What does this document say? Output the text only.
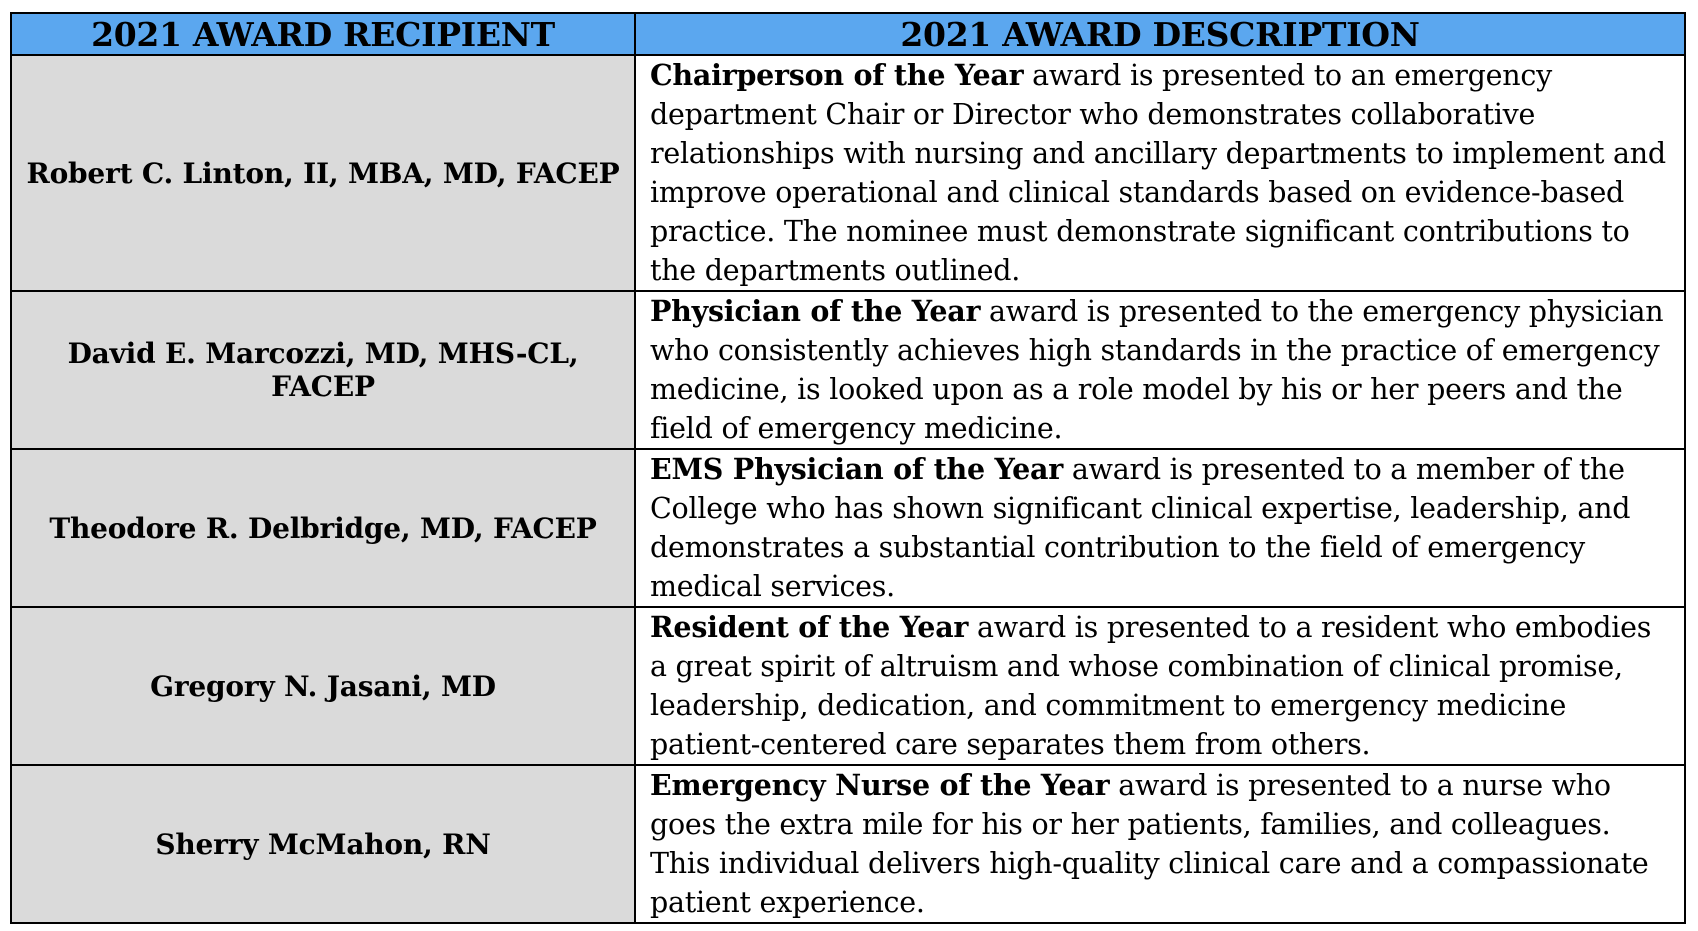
2021 AWARD RECIPIENT	2021 AWARD DESCRIPTION
Robert C. Linton, II, MBA, MD, FACEP	Chairperson of the Year award is presented to an emergency department Chair or Director who demonstrates collaborative relationships with nursing and ancillary departments to implement and improve operational and clinical standards based on evidence-based practice. The nominee must demonstrate significant contributions to the departments outlined.
David E. Marcozzi, MD, MHS-CL, FACEP	Physician of the Year award is presented to the emergency physician who consistently achieves high standards in the practice of emergency medicine, is looked upon as a role model by his or her peers and the field of emergency medicine.
Theodore R. Delbridge, MD, FACEP	EMS Physician of the Year award is presented to a member of the College who has shown significant clinical expertise, leadership, and demonstrates a substantial contribution to the field of emergency medical services.
Gregory N. Jasani, MD	Resident of the Year award is presented to a resident who embodies a great spirit of altruism and whose combination of clinical promise, leadership, dedication, and commitment to emergency medicine patient-centered care separates them from others.
Sherry McMahon, RN	Emergency Nurse of the Year award is presented to a nurse who goes the extra mile for his or her patients, families, and colleagues. This individual delivers high-quality clinical care and a compassionate patient experience.
